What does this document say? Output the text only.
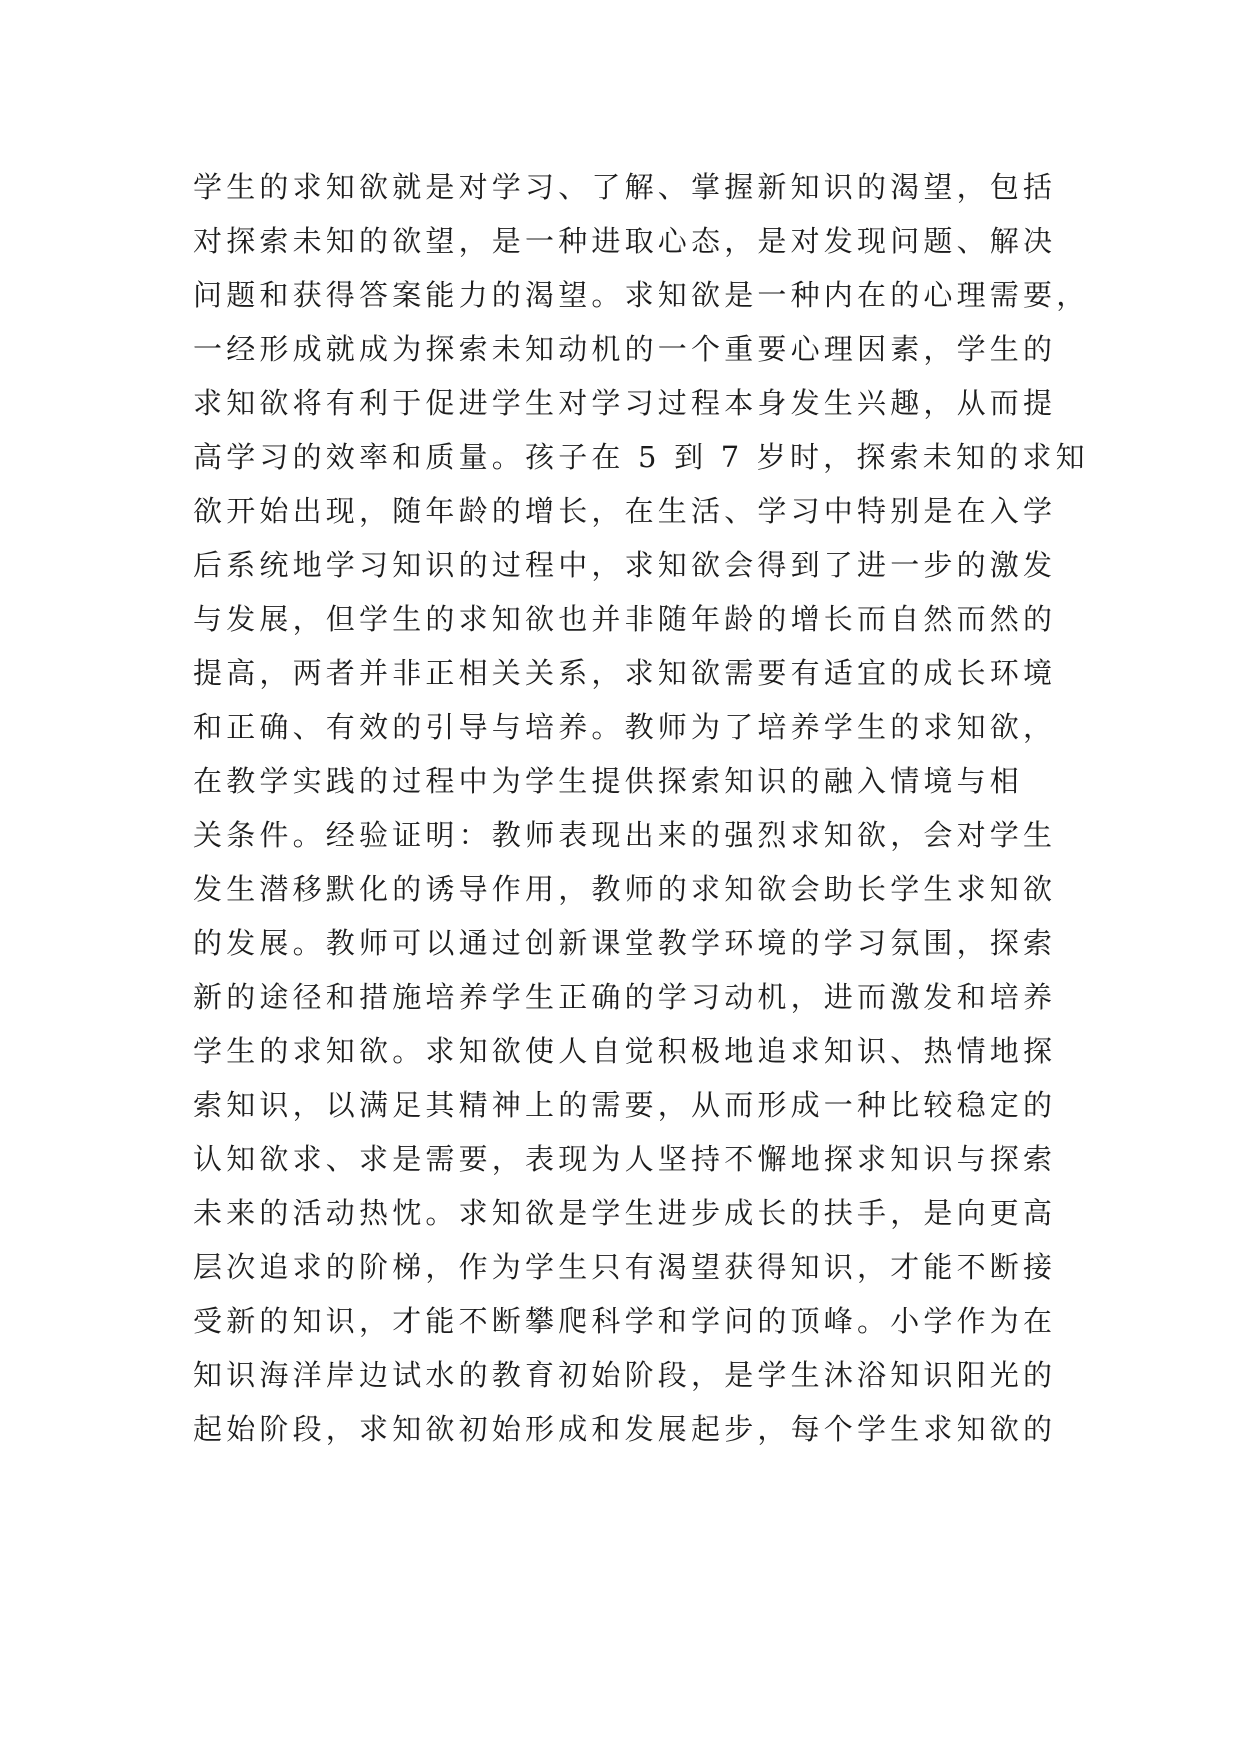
学生的求知欲就是对学习、了解、掌握新知识的渴望，包括
对探索未知的欲望，是一种进取心态，是对发现问题、解决
问题和获得答案能力的渴望。求知欲是一种内在的心理需要，
一经形成就成为探索未知动机的一个重要心理因素，学生的
求知欲将有利于促进学生对学习过程本身发生兴趣，从而提
高学习的效率和质量。孩子在 5 到 7 岁时，探索未知的求知
欲开始出现，随年龄的增长，在生活、学习中特别是在入学
后系统地学习知识的过程中，求知欲会得到了进一步的激发
与发展，但学生的求知欲也并非随年龄的增长而自然而然的
提高，两者并非正相关关系，求知欲需要有适宜的成长环境
和正确、有效的引导与培养。教师为了培养学生的求知欲，
在教学实践的过程中为学生提供探索知识的融入情境与相
关条件。经验证明：教师表现出来的强烈求知欲，会对学生
发生潜移默化的诱导作用，教师的求知欲会助长学生求知欲
的发展。教师可以通过创新课堂教学环境的学习氛围，探索
新的途径和措施培养学生正确的学习动机，进而激发和培养
学生的求知欲。求知欲使人自觉积极地追求知识、热情地探
索知识，以满足其精神上的需要，从而形成一种比较稳定的
认知欲求、求是需要，表现为人坚持不懈地探求知识与探索
未来的活动热忱。求知欲是学生进步成长的扶手，是向更高
层次追求的阶梯，作为学生只有渴望获得知识，才能不断接
受新的知识，才能不断攀爬科学和学问的顶峰。小学作为在
知识海洋岸边试水的教育初始阶段，是学生沐浴知识阳光的
起始阶段，求知欲初始形成和发展起步，每个学生求知欲的
